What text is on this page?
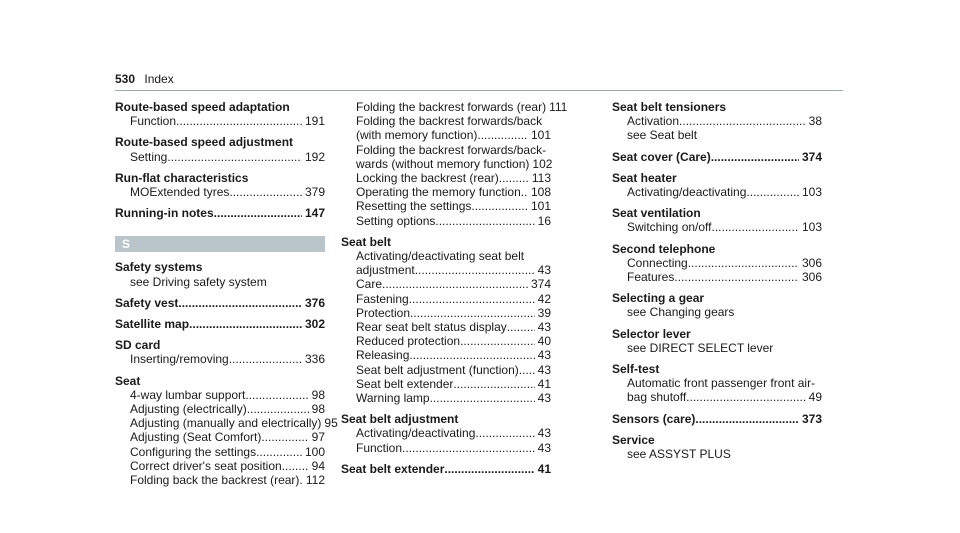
530 Index
Route-based speed adaptation
Function .....	191
Route-based speed adjustment
Setting .....	192
Run-flat characteristics
MOExtended tyres .....	379
Running-in notes .....	147
S
Safety systems
see Driving safety system
Safety vest .....	376
Satellite map .....	302
SD card
Inserting/removing .....	336
Seat
4-way lumbar support .....	98
Adjusting (electrically) .....	98
Adjusting (manually and electrically) 95
Adjusting (Seat Comfort) .....	97
Configuring the settings .....	100
Correct driver's seat position ..... 94
Folding back the backrest (rear) ..... 112
Folding the backrest forwards (rear) 111
Folding the backrest forwards/back
(with memory function) .....	101
Folding the backrest forwards/back-
wards (without memory function) 102
Locking the backrest (rear) .....	113
Operating the memory function ..... 108
Resetting the settings .....	101
Setting options .....	16
Seat belt
Activating/deactivating seat belt
adjustment .....	43
Care .....	374
Fastening .....	42
Protection .....	39
Rear seat belt status display .....	43
Reduced protection .....	40
Releasing .....	43
Seat belt adjustment (function) ..... 43
Seat belt extender .....	41
Warning lamp .....	43
Seat belt adjustment
Activating/deactivating .....	43
Function .....	43
Seat belt extender .....	41
Seat belt tensioners
Activation .....	38
see Seat belt
Seat cover (Care) .....	374
Seat heater
Activating/deactivating .....	103
Seat ventilation
Switching on/off .....	103
Second telephone
Connecting .....	306
Features .....	306
Selecting a gear
see Changing gears
Selector lever
see DIRECT SELECT lever
Self-test
Automatic front passenger front air-
bag shutoff .....	49
Sensors (care) .....	373
Service
see ASSYST PLUS
